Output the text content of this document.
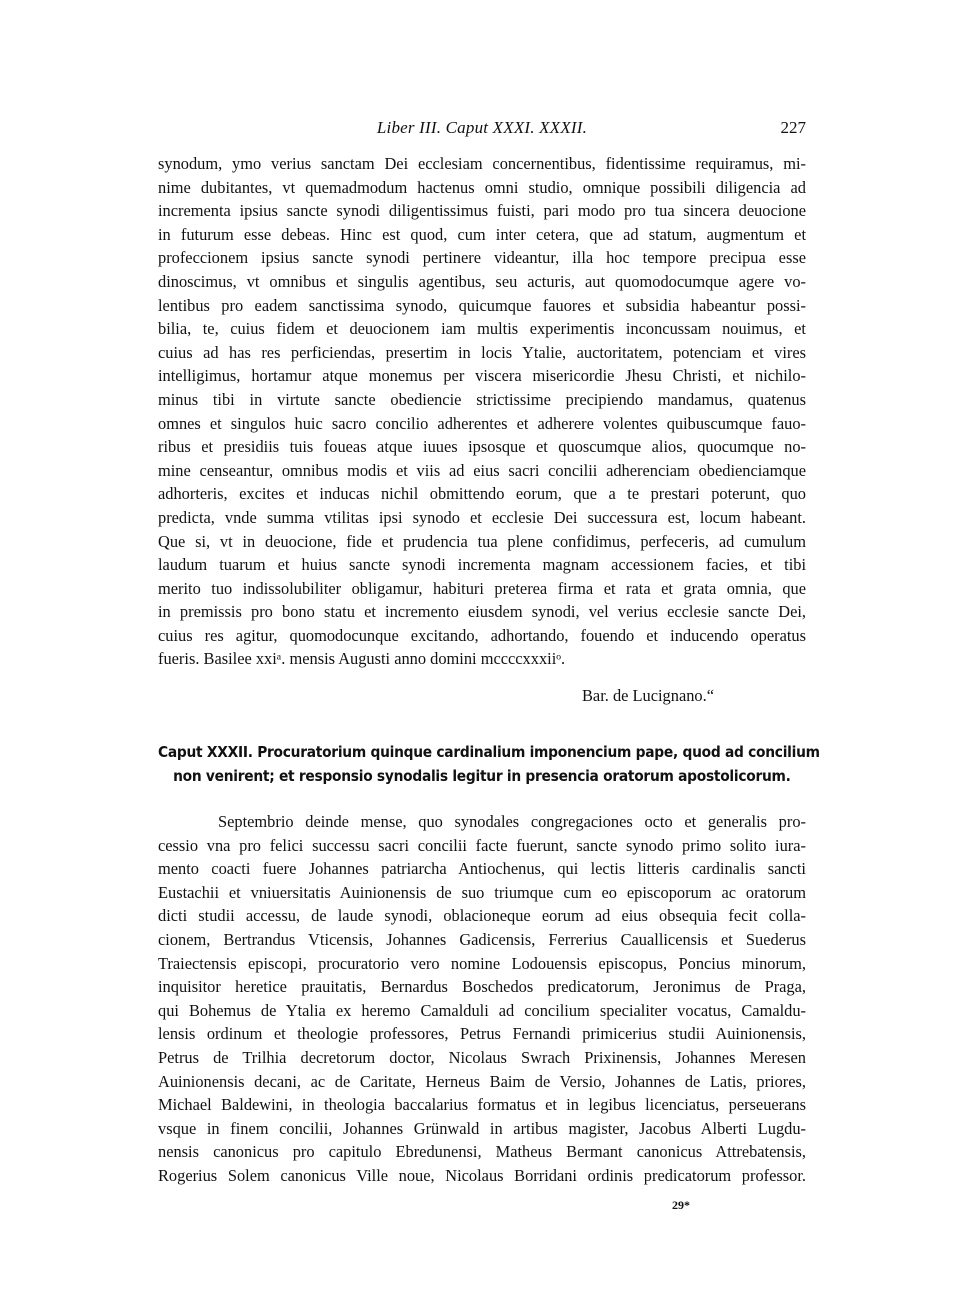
Liber III. Caput XXXI. XXXII.	227
synodum, ymo verius sanctam Dei ecclesiam concernentibus, fidentissime requiramus, mi-
nime dubitantes, vt quemadmodum hactenus omni studio, omnique possibili diligencia ad
incrementa ipsius sancte synodi diligentissimus fuisti, pari modo pro tua sincera deuocione
in futurum esse debeas. Hinc est quod, cum inter cetera, que ad statum, augmentum et
profeccionem ipsius sancte synodi pertinere videantur, illa hoc tempore precipua esse
dinoscimus, vt omnibus et singulis agentibus, seu acturis, aut quomodocumque agere vo-
lentibus pro eadem sanctissima synodo, quicumque fauores et subsidia habeantur possi-
bilia, te, cuius fidem et deuocionem iam multis experimentis inconcussam nouimus, et
cuius ad has res perficiendas, presertim in locis Ytalie, auctoritatem, potenciam et vires
intelligimus, hortamur atque monemus per viscera misericordie Jhesu Christi, et nichilo-
minus tibi in virtute sancte obediencie strictissime precipiendo mandamus, quatenus
omnes et singulos huic sacro concilio adherentes et adherere volentes quibuscumque fauo-
ribus et presidiis tuis foueas atque iuues ipsosque et quoscumque alios, quocumque no-
mine censeantur, omnibus modis et viis ad eius sacri concilii adherenciam obedienciamque
adhorteris, excites et inducas nichil obmittendo eorum, que a te prestari poterunt, quo
predicta, vnde summa vtilitas ipsi synodo et ecclesie Dei successura est, locum habeant.
Que si, vt in deuocione, fide et prudencia tua plene confidimus, perfeceris, ad cumulum
laudum tuarum et huius sancte synodi incrementa magnam accessionem facies, et tibi
merito tuo indissolubiliter obligamur, habituri preterea firma et rata et grata omnia, que
in premissis pro bono statu et incremento eiusdem synodi, vel verius ecclesie sancte Dei,
cuius res agitur, quomodocunque excitando, adhortando, fouendo et inducendo operatus
fueris. Basilee xxiᵃ. mensis Augusti anno domini mccccxxxiiᵒ.
Bar. de Lucignano.“
Caput XXXII. Procuratorium quinque cardinalium imponencium pape, quod ad concilium
non venirent; et responsio synodalis legitur in presencia oratorum apostolicorum.
Septembrio deinde mense, quo synodales congregaciones octo et generalis pro-
cessio vna pro felici successu sacri concilii facte fuerunt, sancte synodo primo solito iura-
mento coacti fuere Johannes patriarcha Antiochenus, qui lectis litteris cardinalis sancti
Eustachii et vniuersitatis Auinionensis de suo triumque cum eo episcoporum ac oratorum
dicti studii accessu, de laude synodi, oblacioneque eorum ad eius obsequia fecit colla-
cionem, Bertrandus Vticensis, Johannes Gadicensis, Ferrerius Cauallicensis et Suederus
Traiectensis episcopi, procuratorio vero nomine Lodouensis episcopus, Poncius minorum,
inquisitor heretice prauitatis, Bernardus Boschedos predicatorum, Jeronimus de Praga,
qui Bohemus de Ytalia ex heremo Camalduli ad concilium specialiter vocatus, Camaldu-
lensis ordinum et theologie professores, Petrus Fernandi primicerius studii Auinionensis,
Petrus de Trilhia decretorum doctor, Nicolaus Swrach Prixinensis, Johannes Meresen
Auinionensis decani, ac de Caritate, Herneus Baim de Versio, Johannes de Latis, priores,
Michael Baldewini, in theologia baccalarius formatus et in legibus licenciatus, perseuerans
vsque in finem concilii, Johannes Grünwald in artibus magister, Jacobus Alberti Lugdu-
nensis canonicus pro capitulo Ebredunensi, Matheus Bermant canonicus Attrebatensis,
Rogerius Solem canonicus Ville noue, Nicolaus Borridani ordinis predicatorum professor.
29*
